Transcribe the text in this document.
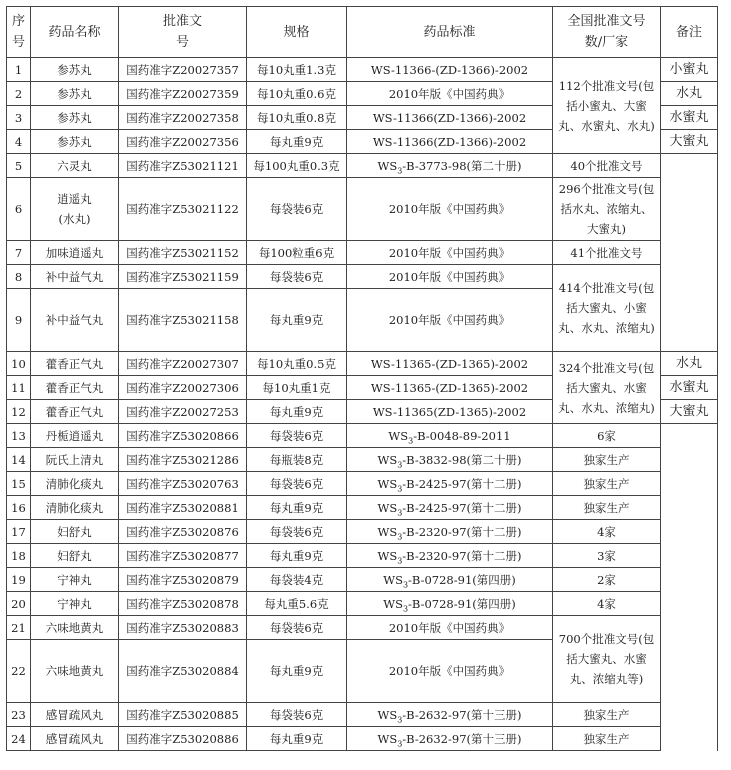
序号	药品名称	批准文号	规格	药品标准	全国批准文号数/厂家	备注
1	参苏丸	国药准字Z20027357	每10丸重1.3克	WS-11366-(ZD-1366)-2002	112个批准文号(包括小蜜丸、大蜜丸、水蜜丸、水丸)	小蜜丸
2	参苏丸	国药准字Z20027359	每10丸重0.6克	2010年版《中国药典》		水丸
3	参苏丸	国药准字Z20027358	每10丸重0.8克	WS-11366(ZD-1366)-2002		水蜜丸
4	参苏丸	国药准字Z20027356	每丸重9克	WS-11366(ZD-1366)-2002		大蜜丸
5	六灵丸	国药准字Z53021121	每100丸重0.3克	$WS_3-B-3773-98$(第二十册)	40个批准文号	
6	逍遥丸(水丸)	国药准字Z53021122	每袋装6克	2010年版《中国药典》	296个批准文号(包括水丸、浓缩丸、大蜜丸)	
7	加味逍遥丸	国药准字Z53021152	每100粒重6克	2010年版《中国药典》	41个批准文号	
8	补中益气丸	国药准字Z53021159	每袋装6克	2010年版《中国药典》	414个批准文号(包括大蜜丸、小蜜丸、水丸、浓缩丸)	
9	补中益气丸	国药准字Z53021158	每丸重9克	2010年版《中国药典》		
10	藿香正气丸	国药准字Z20027307	每10丸重0.5克	WS-11365-(ZD-1365)-2002	324个批准文号(包括大蜜丸、水蜜丸、水丸、浓缩丸)	水丸
11	藿香正气丸	国药准字Z20027306	每10丸重1克	WS-11365-(ZD-1365)-2002		水蜜丸
12	藿香正气丸	国药准字Z20027253	每丸重9克	WS-11365(ZD-1365)-2002		大蜜丸
13	丹栀逍遥丸	国药准字Z53020866	每袋装6克	$WS_3-B-0048-89-2011$	6家	
14	阮氏上清丸	国药准字Z53021286	每瓶装8克	$WS_3-B-3832-98$(第二十册)	独家生产	
15	清肺化痰丸	国药准字Z53020763	每袋装6克	$WS_3-B-2425-97$(第十二册)	独家生产	
16	清肺化痰丸	国药准字Z53020881	每丸重9克	$WS_3-B-2425-97$(第十二册)	独家生产	
17	妇舒丸	国药准字Z53020876	每袋装6克	$WS_3-B-2320-97$(第十二册)	4家	
18	妇舒丸	国药准字Z53020877	每丸重9克	$WS_3-B-2320-97$(第十二册)	3家	
19	宁神丸	国药准字Z53020879	每袋装4克	$WS_3-B-0728-91$(第四册)	2家	
20	宁神丸	国药准字Z53020878	每丸重5.6克	$WS_3-B-0728-91$(第四册)	4家	
21	六味地黄丸	国药准字Z53020883	每袋装6克	2010年版《中国药典》	700个批准文号(包括大蜜丸、水蜜丸、浓缩丸等)	
22	六味地黄丸	国药准字Z53020884	每丸重9克	2010年版《中国药典》		
23	感冒疏风丸	国药准字Z53020885	每袋装6克	$WS_3-B-2632-97$(第十三册)	独家生产	
24	感冒疏风丸	国药准字Z53020886	每丸重9克	$WS_3-B-2632-97$(第十三册)	独家生产	
